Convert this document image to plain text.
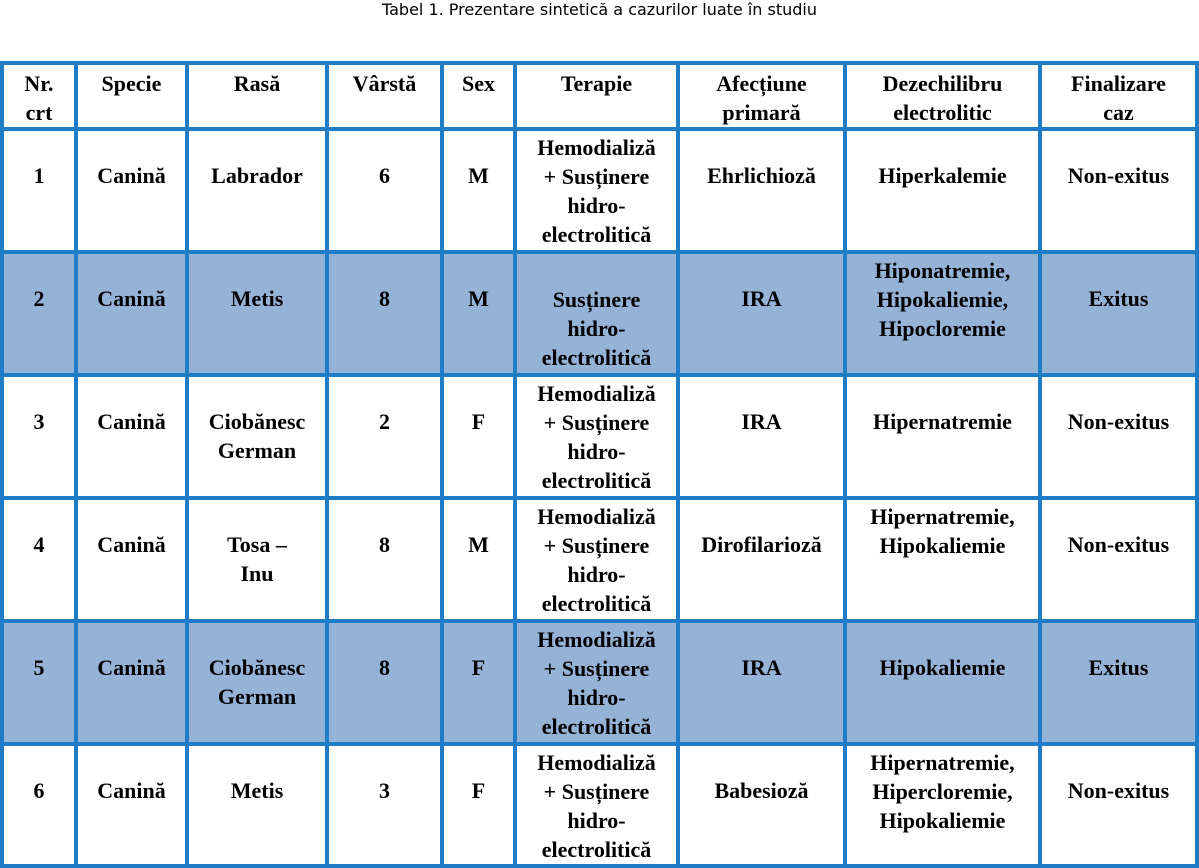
Tabel 1. Prezentare sintetică a cazurilor luate în studiu
Nr.
crt	Specie	Rasă	Vârstă	Sex	Terapie	Afecțiune
primară	Dezechilibru
electrolitic	Finalizare
caz

1	Canină	Labrador	6	M	Hemodializă
+ Susținere
hidro-
electrolitică	Ehrlichioză	Hiperkalemie	Non-exitus
2	Canină	Metis	8	M	Susținere
hidro-
electrolitică	IRA	Hiponatremie,
Hipokaliemie,
Hipocloremie	Exitus
3	Canină	Ciobănesc
German	2	F	Hemodializă
+ Susținere
hidro-
electrolitică	IRA	Hipernatremie	Non-exitus
4	Canină	Tosa –
Inu	8	M	Hemodializă
+ Susținere
hidro-
electrolitică	Dirofilarioză	Hipernatremie,
Hipokaliemie	Non-exitus
5	Canină	Ciobănesc
German	8	F	Hemodializă
+ Susținere
hidro-
electrolitică	IRA	Hipokaliemie	Exitus
6	Canină	Metis	3	F	Hemodializă
+ Susținere
hidro-
electrolitică	Babesioză	Hipernatremie,
Hipercloremie,
Hipokaliemie	Non-exitus
